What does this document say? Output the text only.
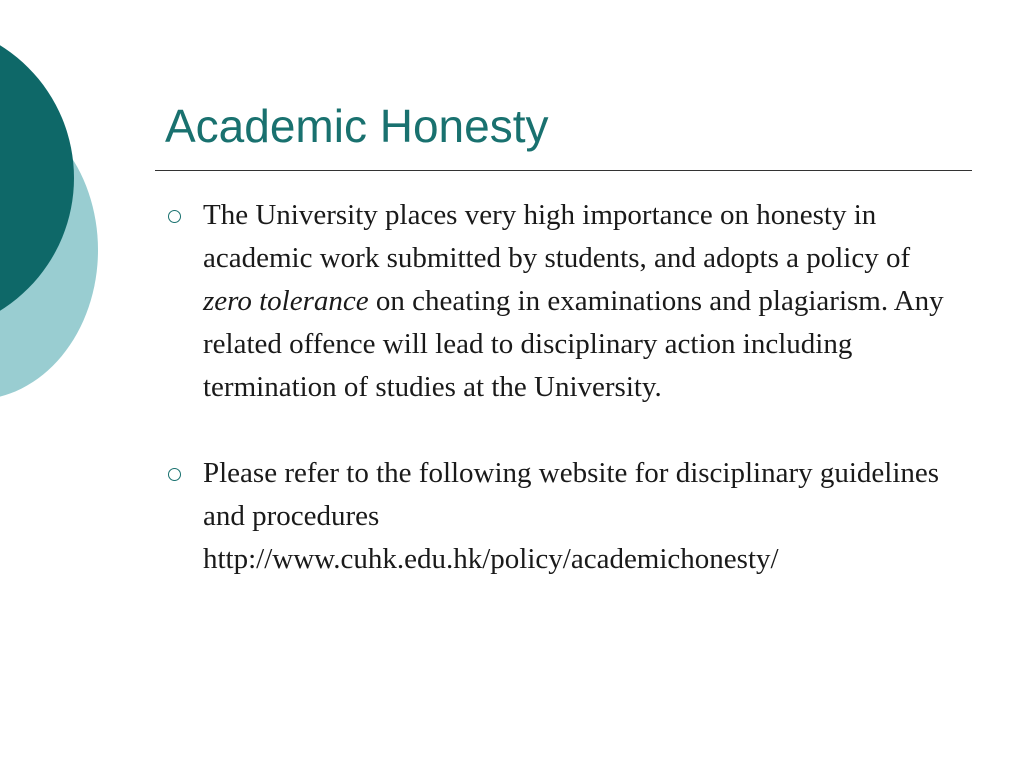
Academic Honesty
The University places very high importance on honesty in academic work submitted by students, and adopts a policy of zero tolerance on cheating in examinations and plagiarism. Any related offence will lead to disciplinary action including termination of studies at the University.
Please refer to the following website for disciplinary guidelines and procedures
http://www.cuhk.edu.hk/policy/academichonesty/
